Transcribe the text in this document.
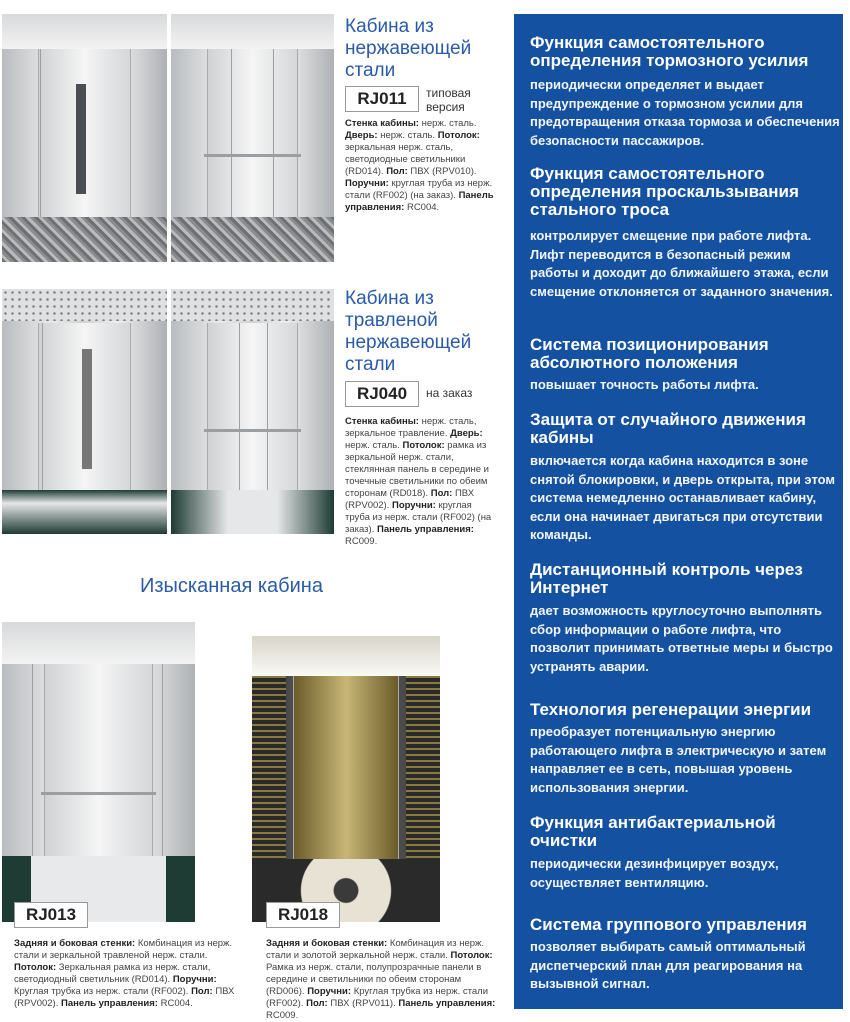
Кабина из нержавеющей стали
RJ011	типовая версия
Стенка кабины: нерж. сталь. Дверь: нерж. сталь. Потолок: зеркальная нерж. сталь, светодиодные светильники (RD014). Пол: ПВХ (RPV010). Поручни: круглая труба из нерж. стали (RF002) (на заказ). Панель управления: RC004.
Кабина из травленой нержавеющей стали
RJ040	на заказ
Стенка кабины: нерж. сталь, зеркальное травление. Дверь: нерж. сталь. Потолок: рамка из зеркальной нерж. стали, стеклянная панель в середине и точечные светильники по обеим сторонам (RD018). Пол: ПВХ (RPV002). Поручни: круглая труба из нерж. стали (RF002) (на заказ). Панель управления: RC009.
Изысканная кабина
RJ013
Задняя и боковая стенки: Комбинация из нерж. стали и зеркальной травленой нерж. стали. Потолок: Зеркальная рамка из нерж. стали, светодиодный светильник (RD014). Поручни: Круглая трубка из нерж. стали (RF002). Пол: ПВХ (RPV002). Панель управления: RC004.
RJ018
Задняя и боковая стенки: Комбинация из нерж. стали и золотой зеркальной нерж. стали. Потолок: Рамка из нерж. стали, полупрозрачные панели в середине и светильники по обеим сторонам (RD006). Поручни: Круглая трубка из нерж. стали (RF002). Пол: ПВХ (RPV011). Панель управления: RC009.
Функция самостоятельного определения тормозного усилия
периодически определяет и выдает предупреждение о тормозном усилии для предотвращения отказа тормоза и обеспечения безопасности пассажиров.
Функция самостоятельного определения проскальзывания стального троса
контролирует смещение при работе лифта. Лифт переводится в безопасный режим работы и доходит до ближайшего этажа, если смещение отклоняется от заданного значения.
Система позиционирования абсолютного положения
повышает точность работы лифта.
Защита от случайного движения кабины
включается когда кабина находится в зоне снятой блокировки, и дверь открыта, при этом система немедленно останавливает кабину, если она начинает двигаться при отсутствии команды.
Дистанционный контроль через Интернет
дает возможность круглосуточно выполнять сбор информации о работе лифта, что позволит принимать ответные меры и быстро устранять аварии.
Технология регенерации энергии
преобразует потенциальную энергию работающего лифта в электрическую и затем направляет ее в сеть, повышая уровень использования энергии.
Функция антибактериальной очистки
периодически дезинфицирует воздух, осуществляет вентиляцию.
Система группового управления
позволяет выбирать самый оптимальный диспетчерский план для реагирования на вызывной сигнал.
